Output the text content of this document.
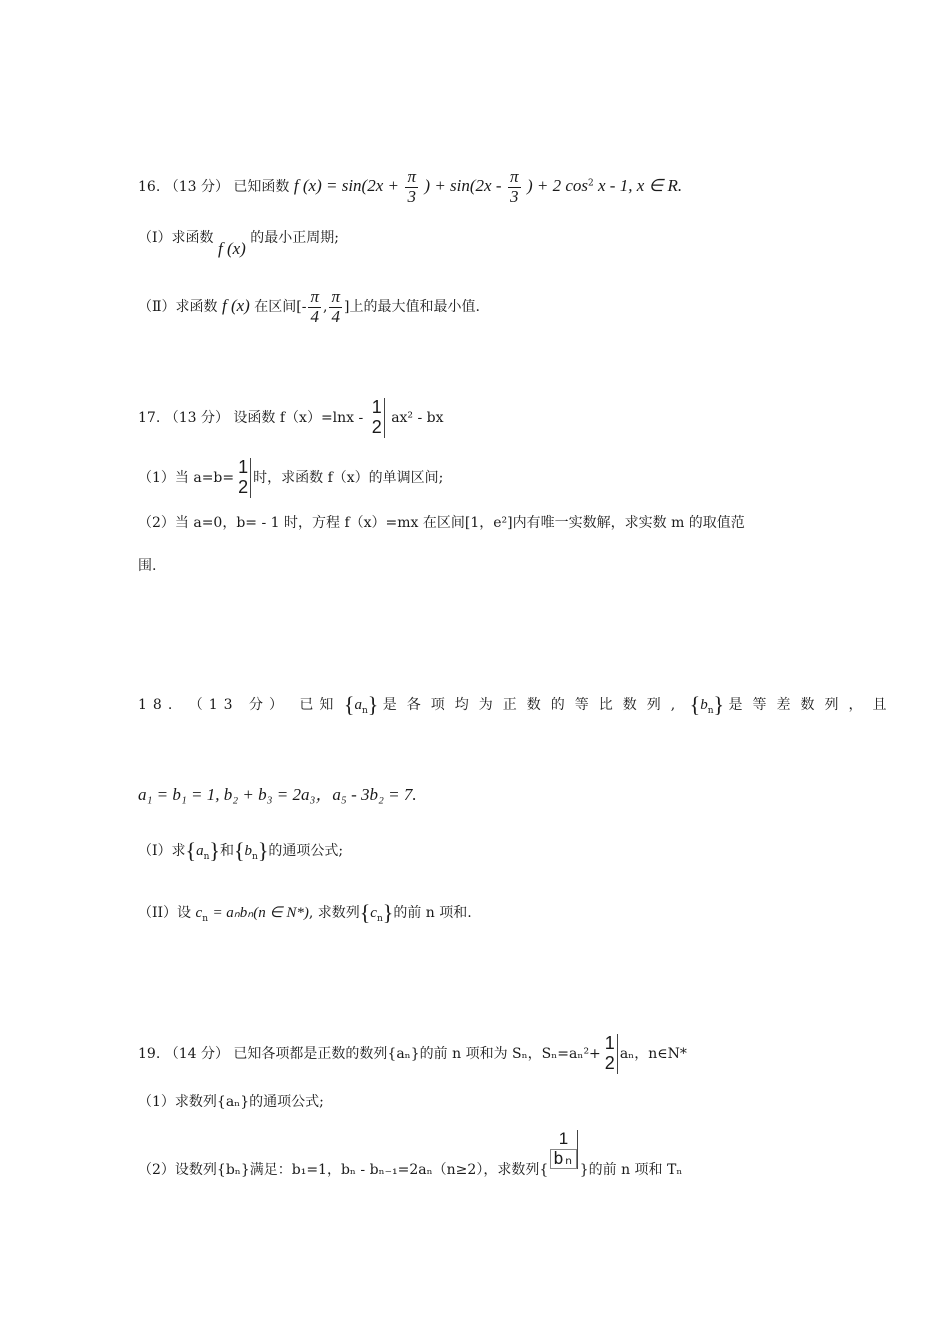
16. （13 分） 已知函数 f $(x) = \sin(2x + \frac{\pi}{3}$ ) + $\sin(2x - \frac{\pi}{3}$ ) + 2 $\cos^2 x - 1$, x ∈ R.
（Ⅰ）求函数 f (x) 的最小正周期;
（Ⅱ）求函数 f (x) 在区间[- $\frac{\pi}{4}$ , $\frac{\pi}{4}$ ]上的最大值和最小值.
17. （13 分） 设函数 f（x）=lnx -
1
2 ax² - bx
（1）当 a=b=
1
2 时，求函数 f（x）的单调区间;
（2）当 a=0，b= - 1 时，方程 f（x）=mx 在区间[1，e²]内有唯一实数解，求实数 m 的取值范
围.
18. （13 分） 已知 $\{a_n\}$ 是各项均为正数的等比数列, $\{b_n\}$ 是等差数列，且
a₁ = b₁ = 1, b₂ + b₃ = 2a₃，a₅ - 3b₂ = 7.
（I）求$\{a_n\}$和$\{b_n\}$的通项公式;
（II）设 $c_n = a_nb_n(n$ ∈ N*), 求数列$\{c_n\}$的前 n 项和.
19. （14 分） 已知各项都是正数的数列{aₙ}的前 n 项和为 Sₙ，Sₙ=aₙ²+
1
2 aₙ，n∈N*
（1）求数列{aₙ}的通项公式;
（2）设数列{bₙ}满足：b₁=1，bₙ - bₙ₋₁=2aₙ（n≥2），求数列{
$\frac{1}{\text{bₙ}}$
}的前 n 项和 Tₙ
